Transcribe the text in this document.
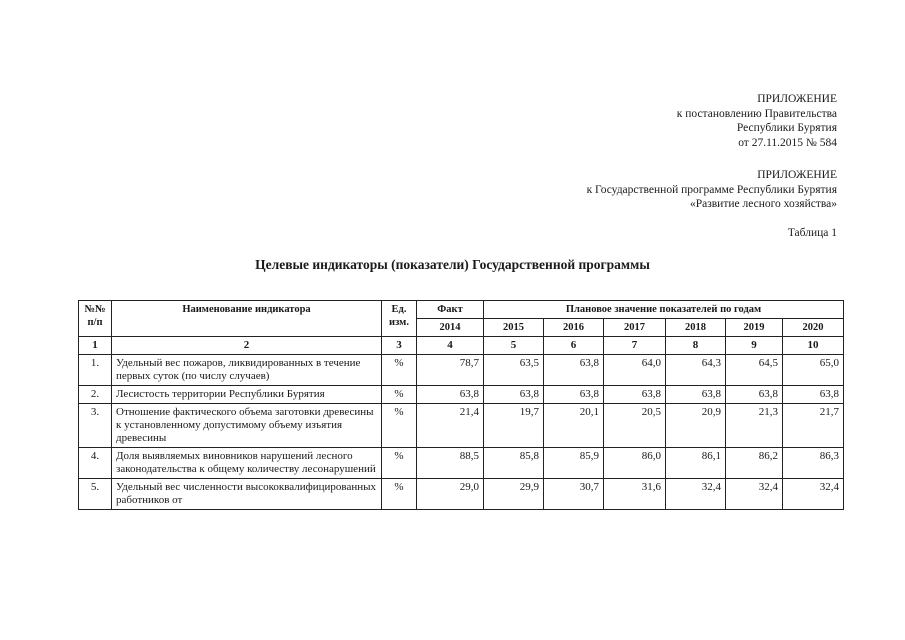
ПРИЛОЖЕНИЕ
к постановлению Правительства
Республики Бурятия
от 27.11.2015 № 584
ПРИЛОЖЕНИЕ
к Государственной программе Республики Бурятия
«Развитие лесного хозяйства»
Таблица 1
Целевые индикаторы (показатели) Государственной программы
№№ п/п	Наименование индикатора	Ед. изм.	Факт	Плановое значение показателей по годам					
			2014	2015	2016	2017	2018	2019	2020
1	2	3	4	5	6	7	8	9	10
1.	Удельный вес пожаров, ликвидированных в течение первых суток (по числу случаев)	%	78,7	63,5	63,8	64,0	64,3	64,5	65,0
2.	Лесистость территории Республики Бурятия	%	63,8	63,8	63,8	63,8	63,8	63,8	63,8
3.	Отношение фактического объема заготовки древесины к установленному допустимому объему изъятия древесины	%	21,4	19,7	20,1	20,5	20,9	21,3	21,7
4.	Доля выявляемых виновников нарушений лесного законодательства к общему количеству лесонарушений	%	88,5	85,8	85,9	86,0	86,1	86,2	86,3
5.	Удельный вес численности высококвалифицированных работников от	%	29,0	29,9	30,7	31,6	32,4	32,4	32,4
